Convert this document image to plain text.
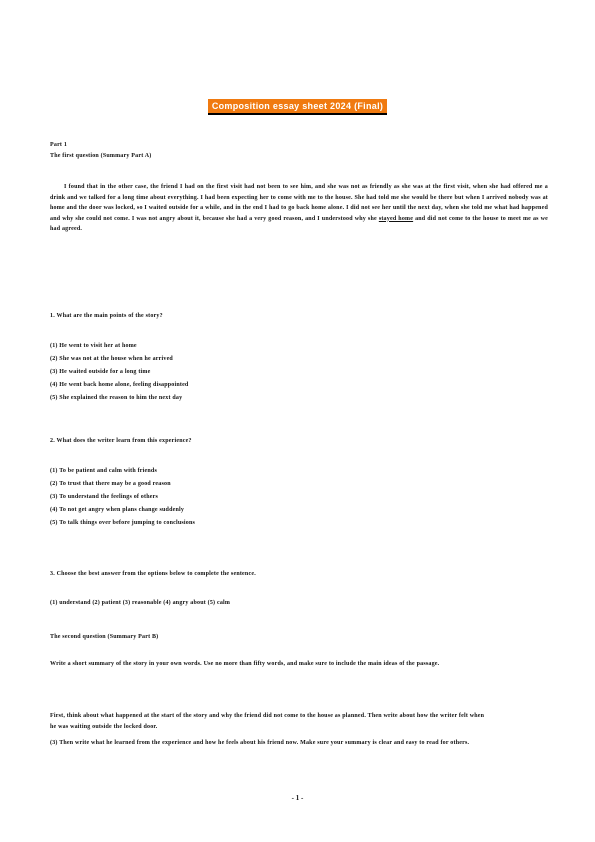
Composition essay sheet 2024 (Final)

Part 1

The first question (Summary Part A)

I found that in the other case, the friend I had on the first visit had not been to see him, and she was not as friendly as she was at the first visit, when she had offered me a drink and we talked for a long time about everything. I had been expecting her to come with me to the house. She had told me she would be there but when I arrived nobody was at home and the door was locked, so I waited outside for a while, and in the end I had to go back home alone. I did not see her until the next day, when she told me what had happened and why she could not come. I was not angry about it, because she had a very good reason, and I understood why she stayed home and did not come to the house to meet me as we had agreed.

1. What are the main points of the story?

(1) He went to visit her at home

(2) She was not at the house when he arrived

(3) He waited outside for a long time

(4) He went back home alone, feeling disappointed

(5) She explained the reason to him the next day

2. What does the writer learn from this experience?

(1) To be patient and calm with friends

(2) To trust that there may be a good reason

(3) To understand the feelings of others

(4) To not get angry when plans change suddenly

(5) To talk things over before jumping to conclusions

3. Choose the best answer from the options below to complete the sentence.

(1) understand (2) patient (3) reasonable (4) angry about (5) calm

The second question (Summary Part B)

Write a short summary of the story in your own words. Use no more than fifty words, and make sure to include the main ideas of the passage.

First, think about what happened at the start of the story and why the friend did not come to the house as planned. Then write about how the writer felt when

he was waiting outside the locked door.

(3) Then write what he learned from the experience and how he feels about his friend now. Make sure your summary is clear and easy to read for others.

- 1 -
